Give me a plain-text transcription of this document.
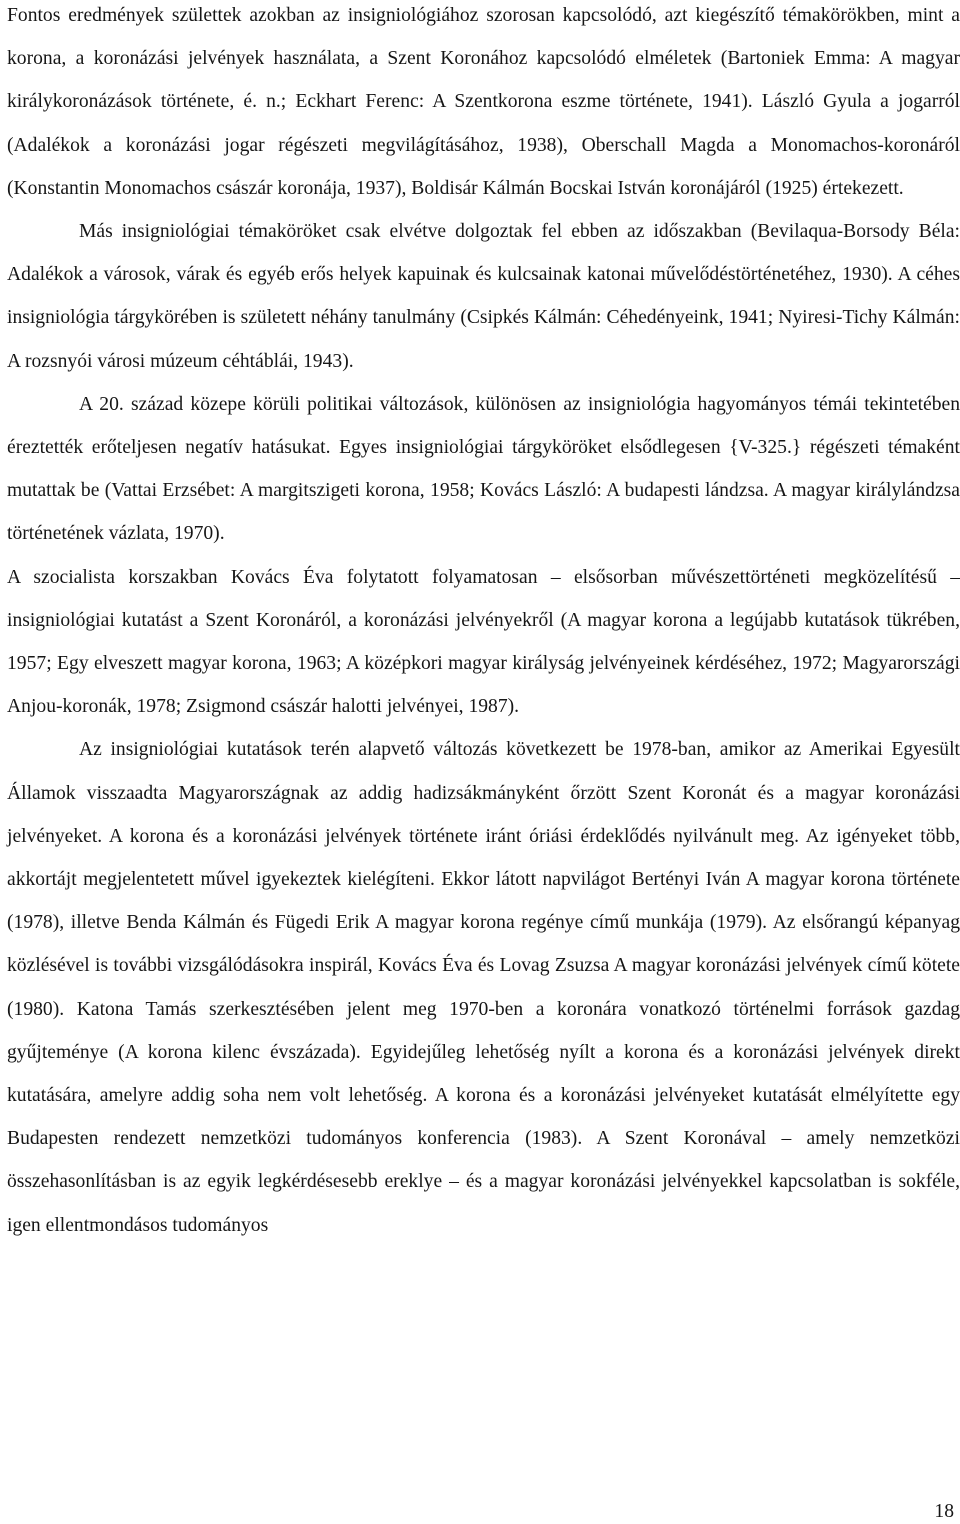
Fontos eredmények születtek azokban az insigniológiához szorosan kapcsolódó, azt kiegészítő témakörökben, mint a korona, a koronázási jelvények használata, a Szent Koronához kapcsolódó elméletek (Bartoniek Emma: A magyar királykoronázások története, é. n.; Eckhart Ferenc: A Szentkorona eszme története, 1941). László Gyula a jogarról (Adalékok a koronázási jogar régészeti megvilágításához, 1938), Oberschall Magda a Monomachos-koronáról (Konstantin Monomachos császár koronája, 1937), Boldisár Kálmán Bocskai István koronájáról (1925) értekezett.

Más insigniológiai témaköröket csak elvétve dolgoztak fel ebben az időszakban (Bevilaqua-Borsody Béla: Adalékok a városok, várak és egyéb erős helyek kapuinak és kulcsainak katonai művelődéstörténetéhez, 1930). A céhes insigniológia tárgykörében is született néhány tanulmány (Csipkés Kálmán: Céhedényeink, 1941; Nyiresi-Tichy Kálmán: A rozsnyói városi múzeum céhtáblái, 1943).

A 20. század közepe körüli politikai változások, különösen az insigniológia hagyományos témái tekintetében éreztették erőteljesen negatív hatásukat. Egyes insigniológiai tárgyköröket elsődlegesen {V-325.} régészeti témaként mutattak be (Vattai Erzsébet: A margitszigeti korona, 1958; Kovács László: A budapesti lándzsa. A magyar királylándzsa történetének vázlata, 1970).

A szocialista korszakban Kovács Éva folytatott folyamatosan – elsősorban művészettörténeti megközelítésű – insigniológiai kutatást a Szent Koronáról, a koronázási jelvényekről (A magyar korona a legújabb kutatások tükrében, 1957; Egy elveszett magyar korona, 1963; A középkori magyar királyság jelvényeinek kérdéséhez, 1972; Magyarországi Anjou-koronák, 1978; Zsigmond császár halotti jelvényei, 1987).

Az insigniológiai kutatások terén alapvető változás következett be 1978-ban, amikor az Amerikai Egyesült Államok visszaadta Magyarországnak az addig hadizsákmányként őrzött Szent Koronát és a magyar koronázási jelvényeket. A korona és a koronázási jelvények története iránt óriási érdeklődés nyilvánult meg. Az igényeket több, akkortájt megjelentetett művel igyekeztek kielégíteni. Ekkor látott napvilágot Bertényi Iván A magyar korona története (1978), illetve Benda Kálmán és Fügedi Erik A magyar korona regénye című munkája (1979). Az elsőrangú képanyag közlésével is további vizsgálódásokra inspirál, Kovács Éva és Lovag Zsuzsa A magyar koronázási jelvények című kötete (1980). Katona Tamás szerkesztésében jelent meg 1970-ben a koronára vonatkozó történelmi források gazdag gyűjteménye (A korona kilenc évszázada). Egyidejűleg lehetőség nyílt a korona és a koronázási jelvények direkt kutatására, amelyre addig soha nem volt lehetőség. A korona és a koronázási jelvényeket kutatását elmélyítette egy Budapesten rendezett nemzetközi tudományos konferencia (1983). A Szent Koronával – amely nemzetközi összehasonlításban is az egyik legkérdésesebb ereklye – és a magyar koronázási jelvényekkel kapcsolatban is sokféle, igen ellentmondásos tudományos

18
